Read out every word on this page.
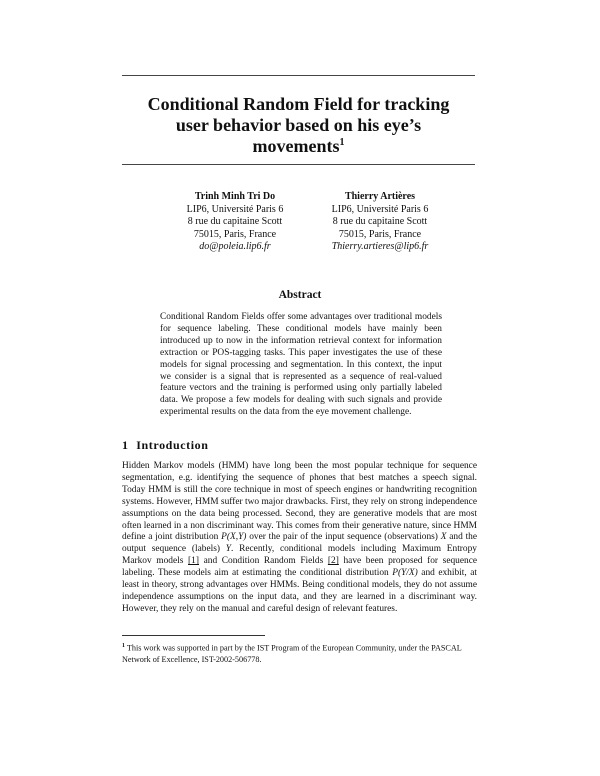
Conditional Random Field for tracking
user behavior based on his eye’s
movements$^1$
Trinh Minh Tri Do
LIP6, Université Paris 6
8 rue du capitaine Scott
75015, Paris, France
do@poleia.lip6.fr
Thierry Artières
LIP6, Université Paris 6
8 rue du capitaine Scott
75015, Paris, France
Thierry.artieres@lip6.fr
Abstract
Conditional Random Fields offer some advantages over traditional models for sequence labeling. These conditional models have mainly been introduced up to now in the information retrieval context for information extraction or POS-tagging tasks. This paper investigates the use of these models for signal processing and segmentation. In this context, the input we consider is a signal that is represented as a sequence of real-valued feature vectors and the training is performed using only partially labeled data. We propose a few models for dealing with such signals and provide experimental results on the data from the eye movement challenge.
1 Introduction
Hidden Markov models (HMM) have long been the most popular technique for sequence segmentation, e.g. identifying the sequence of phones that best matches a speech signal. Today HMM is still the core technique in most of speech engines or handwriting recognition systems. However, HMM suffer two major drawbacks. First, they rely on strong independence assumptions on the data being processed. Second, they are generative models that are most often learned in a non discriminant way. This comes from their generative nature, since HMM define a joint distribution P(X,Y) over the pair of the input sequence (observations) X and the output sequence (labels) Y. Recently, conditional models including Maximum Entropy Markov models [1] and Condition Random Fields [2] have been proposed for sequence labeling. These models aim at estimating the conditional distribution P(Y/X) and exhibit, at least in theory, strong advantages over HMMs. Being conditional models, they do not assume independence assumptions on the input data, and they are learned in a discriminant way. However, they rely on the manual and careful design of relevant features.
$^1$ This work was supported in part by the IST Program of the European Community, under the PASCAL Network of Excellence, IST-2002-506778.
